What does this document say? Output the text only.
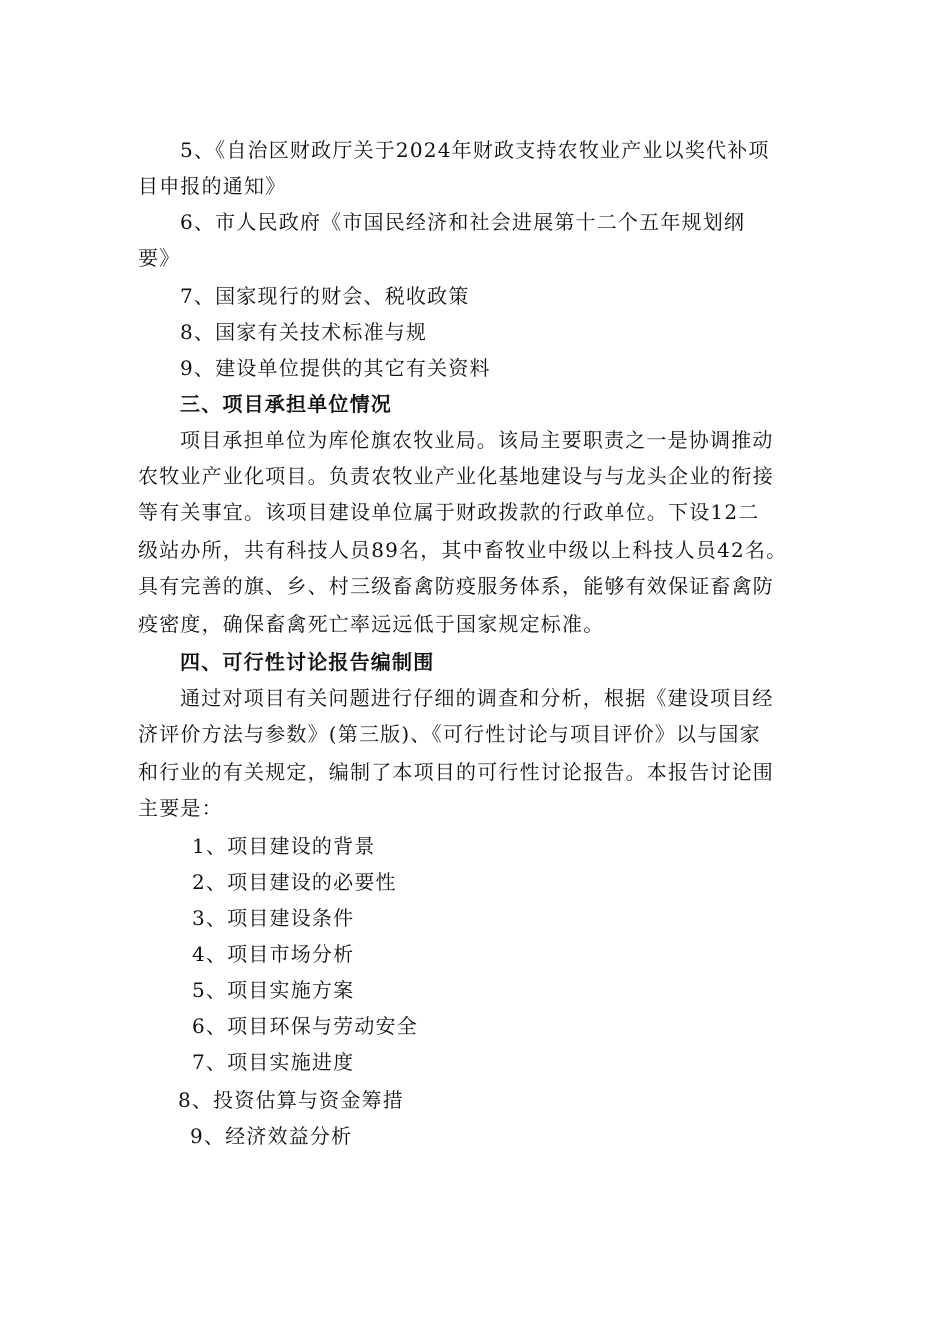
5、《自治区财政厅关于2024年财政支持农牧业产业以奖代补项
目申报的通知》
6、市人民政府《市国民经济和社会进展第十二个五年规划纲
要》
7、国家现行的财会、税收政策
8、国家有关技术标准与规
9、建设单位提供的其它有关资料
三、项目承担单位情况
项目承担单位为库伦旗农牧业局。该局主要职责之一是协调推动
农牧业产业化项目。负责农牧业产业化基地建设与与龙头企业的衔接
等有关事宜。该项目建设单位属于财政拨款的行政单位。下设12二
级站办所，共有科技人员89名，其中畜牧业中级以上科技人员42名。
具有完善的旗、乡、村三级畜禽防疫服务体系，能够有效保证畜禽防
疫密度，确保畜禽死亡率远远低于国家规定标准。
四、可行性讨论报告编制围
通过对项目有关问题进行仔细的调查和分析，根据《建设项目经
济评价方法与参数》(第三版)、《可行性讨论与项目评价》以与国家
和行业的有关规定，编制了本项目的可行性讨论报告。本报告讨论围
主要是：
1、项目建设的背景
2、项目建设的必要性
3、项目建设条件
4、项目市场分析
5、项目实施方案
6、项目环保与劳动安全
7、项目实施进度
8、投资估算与资金筹措
9、经济效益分析
